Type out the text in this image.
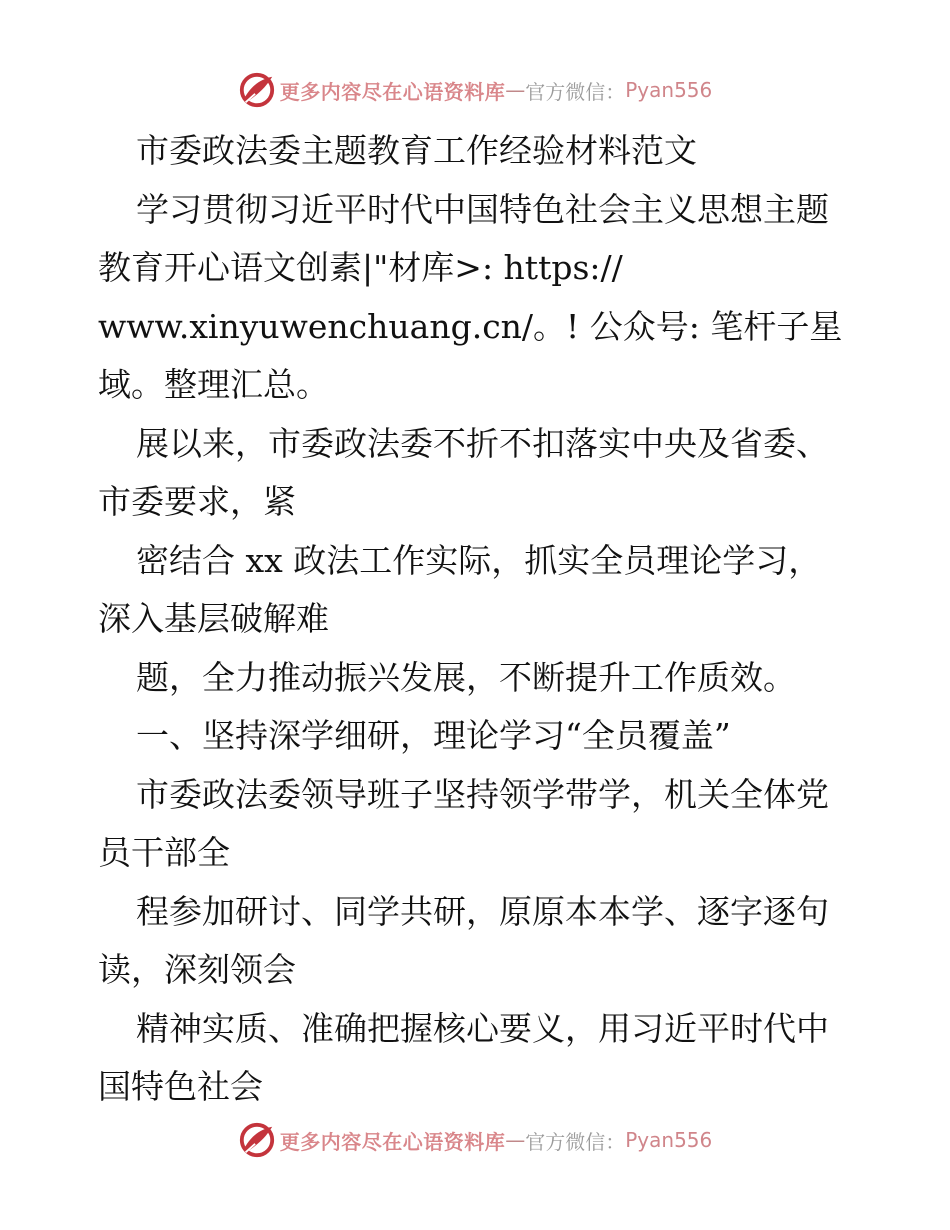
更多内容尽在心语资料库 — 官方微信： Pyan556

市委政法委主题教育工作经验材料范文

学习贯彻习近平时代中国特色社会主义思想主题

教育开心语文创素|"材库>: https://

www.xinyuwenchuang.cn/。! 公众号: 笔杆子星

域。整理汇总。

展以来，市委政法委不折不扣落实中央及省委、

市委要求，紧

密结合 xx 政法工作实际，抓实全员理论学习，

深入基层破解难

题，全力推动振兴发展，不断提升工作质效。

一、坚持深学细研，理论学习“全员覆盖”

市委政法委领导班子坚持领学带学，机关全体党

员干部全

程参加研讨、同学共研，原原本本学、逐字逐句

读，深刻领会

精神实质、准确把握核心要义，用习近平时代中

国特色社会

更多内容尽在心语资料库 — 官方微信： Pyan556
